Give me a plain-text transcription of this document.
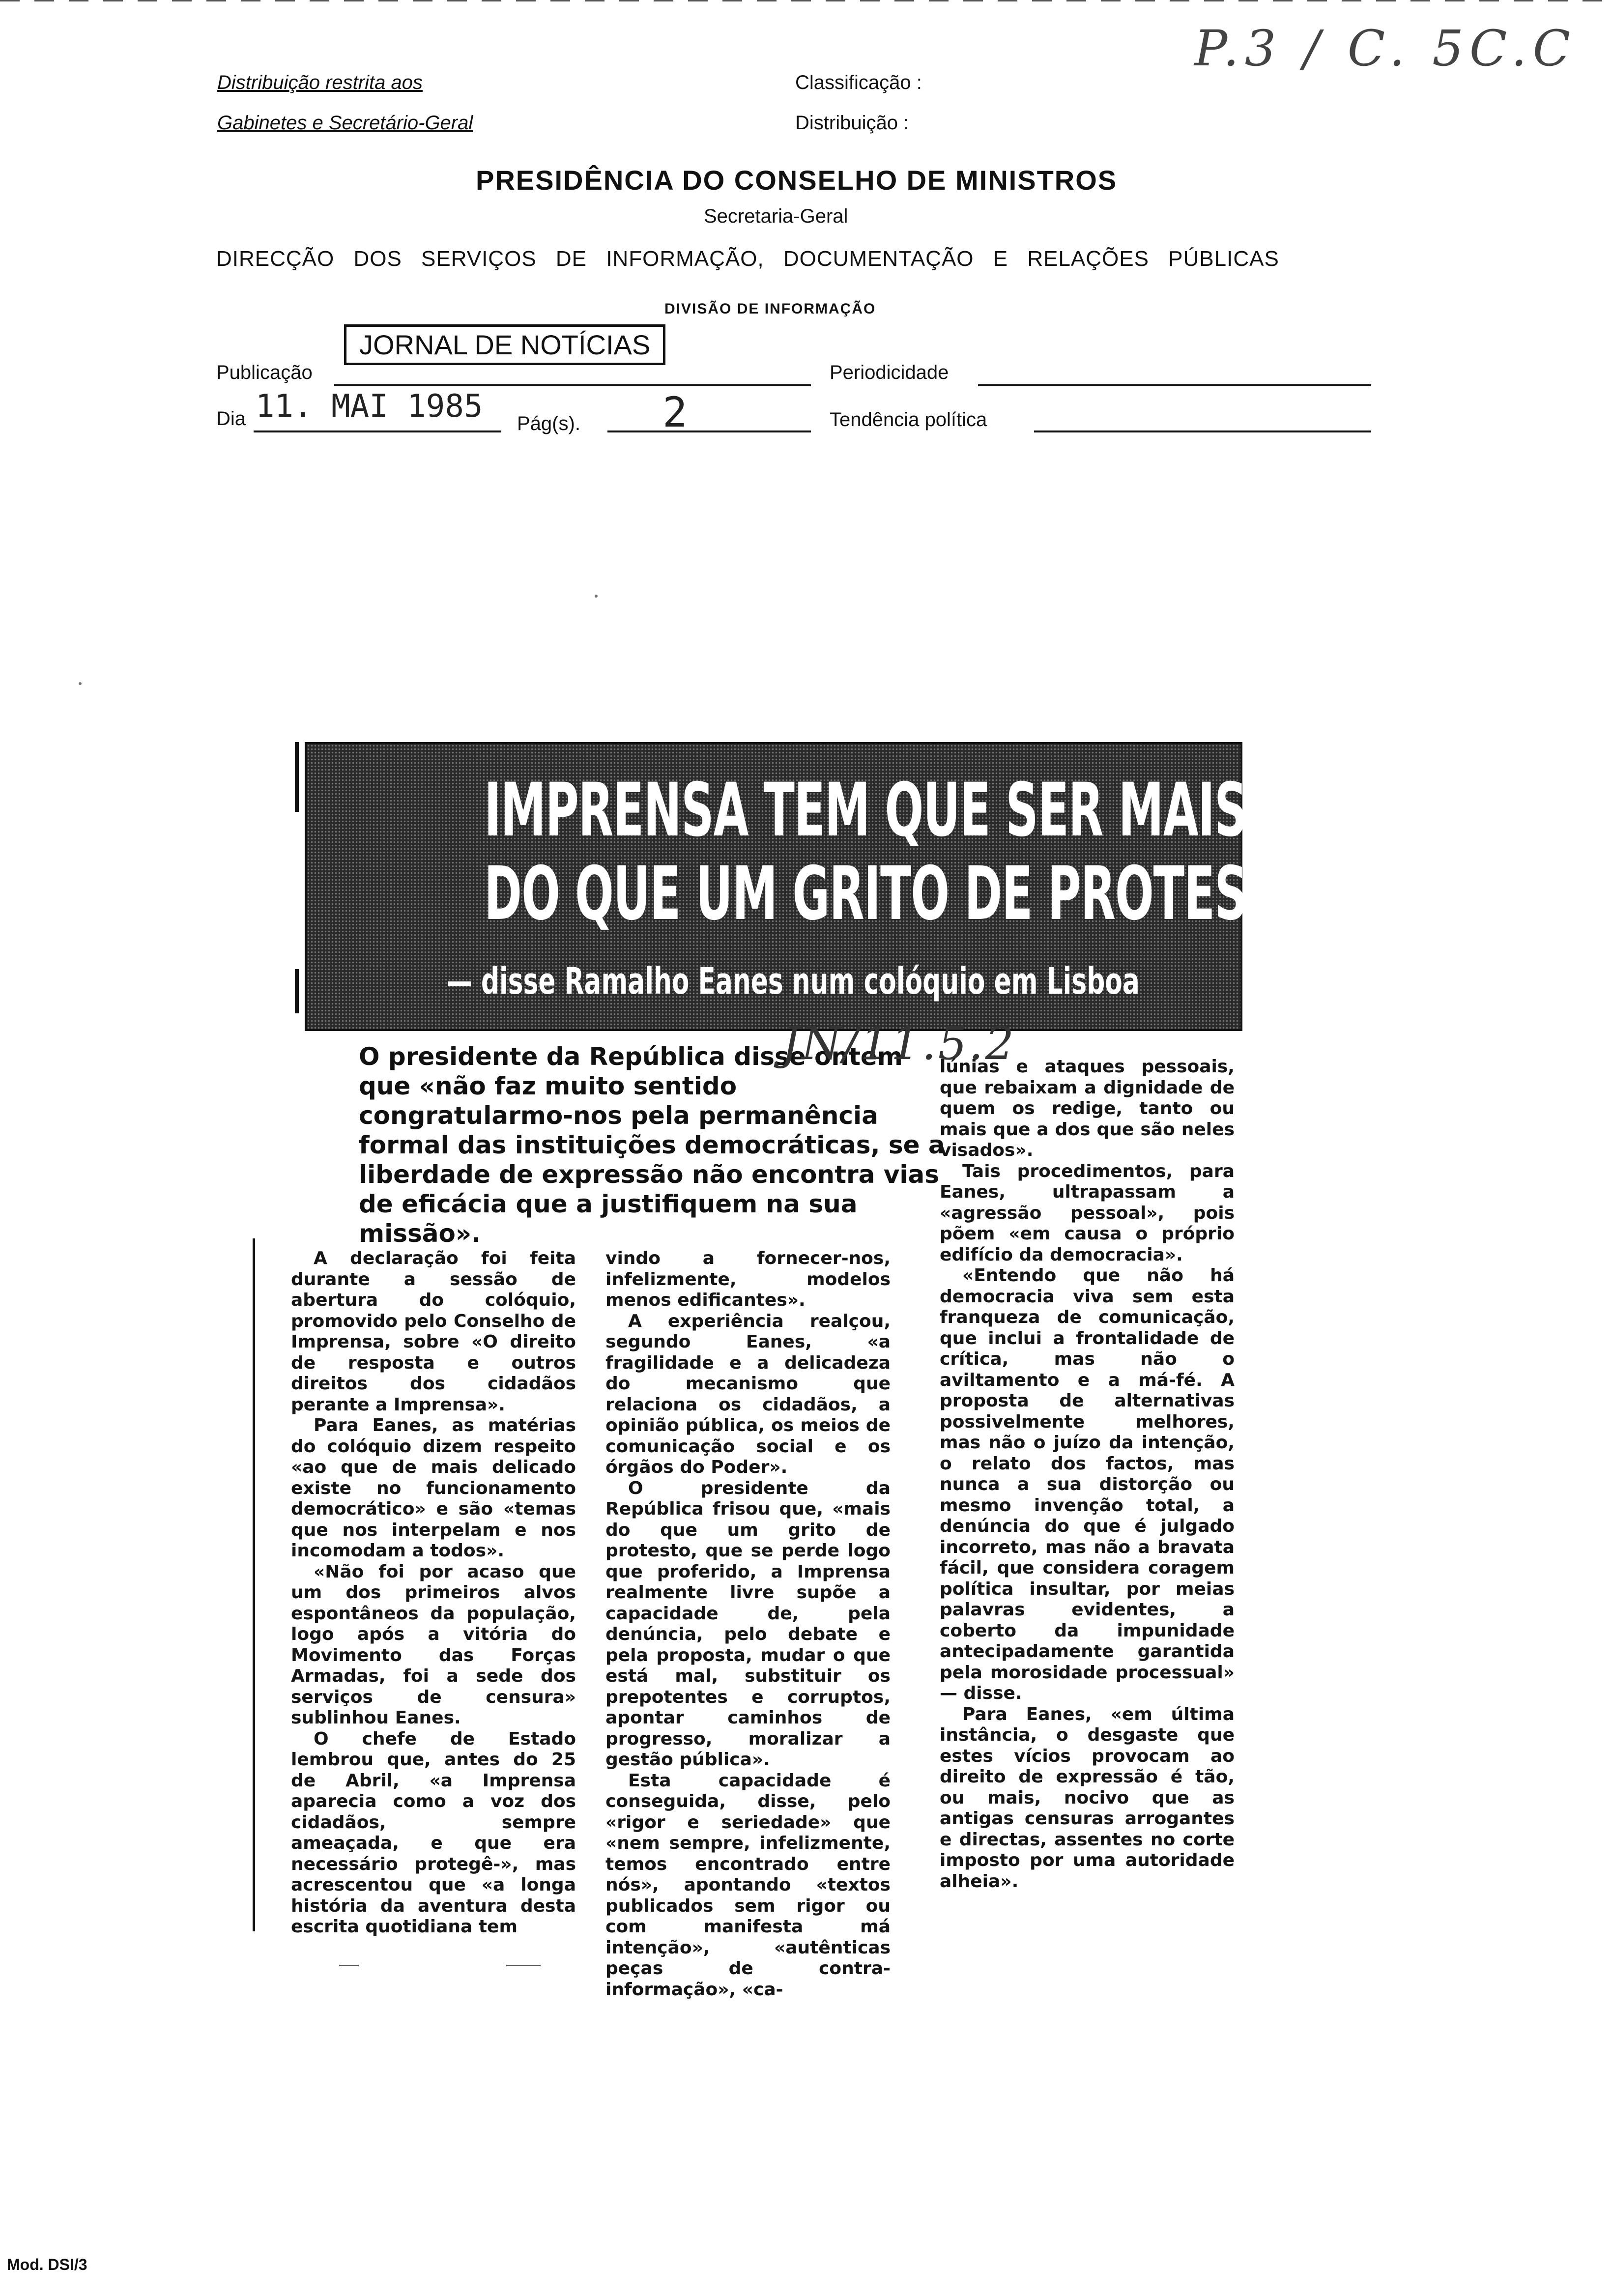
Distribuição restrita aos
Gabinetes e Secretário-Geral
Classificação :
Distribuição :
P.3 / C. 5C.C
PRESIDÊNCIA DO CONSELHO DE MINISTROS
Secretaria-Geral
DIRECÇÃO DOS SERVIÇOS DE INFORMAÇÃO, DOCUMENTAÇÃO E RELAÇÕES PÚBLICAS
DIVISÃO DE INFORMAÇÃO
JORNAL DE NOTÍCIAS
Publicação	Periodicidade
Dia 11. MAI 1985 Pág(s). 2	Tendência política
IMPRENSA TEM QUE SER MAIS
DO QUE UM GRITO DE PROTESTO
— disse Ramalho Eanes num colóquio em Lisboa
O presidente da República disse ontem que «não faz muito sentido congratularmo-nos pela permanência formal das instituições democráticas, se a liberdade de expressão não encontra vias de eficácia que a justifiquem na sua missão».
JN/11.5.2

A declaração foi feita durante a sessão de abertura do colóquio, promovido pelo Conselho de Imprensa, sobre «O direito de resposta e outros direitos dos cidadãos perante a Imprensa».

Para Eanes, as matérias do colóquio dizem respeito «ao que de mais delicado existe no funcionamento democrático» e são «temas que nos interpelam e nos incomodam a todos».

«Não foi por acaso que um dos primeiros alvos espontâneos da população, logo após a vitória do Movimento das Forças Armadas, foi a sede dos serviços de censura» sublinhou Eanes.

O chefe de Estado lembrou que, antes do 25 de Abril, «a Imprensa aparecia como a voz dos cidadãos, sempre ameaçada, e que era necessário protegê-», mas acrescentou que «a longa história da aventura desta escrita quotidiana tem

vindo a fornecer-nos, infelizmente, modelos menos edificantes».

A experiência realçou, segundo Eanes, «a fragilidade e a delicadeza do mecanismo que relaciona os cidadãos, a opinião pública, os meios de comunicação social e os órgãos do Poder».

O presidente da República frisou que, «mais do que um grito de protesto, que se perde logo que proferido, a Imprensa realmente livre supõe a capacidade de, pela denúncia, pelo debate e pela proposta, mudar o que está mal, substituir os prepotentes e corruptos, apontar caminhos de progresso, moralizar a gestão pública».

Esta capacidade é conseguida, disse, pelo «rigor e seriedade» que «nem sempre, infelizmente, temos encontrado entre nós», apontando «textos publicados sem rigor ou com manifesta má intenção», «autênticas peças de contra-informação», «ca-

lúnias e ataques pessoais, que rebaixam a dignidade de quem os redige, tanto ou mais que a dos que são neles visados».

Tais procedimentos, para Eanes, ultrapassam a «agressão pessoal», pois põem «em causa o próprio edifício da democracia».

«Entendo que não há democracia viva sem esta franqueza de comunicação, que inclui a frontalidade de crítica, mas não o aviltamento e a má-fé. A proposta de alternativas possivelmente melhores, mas não o juízo da intenção, o relato dos factos, mas nunca a sua distorção ou mesmo invenção total, a denúncia do que é julgado incorreto, mas não a bravata fácil, que considera coragem política insultar, por meias palavras evidentes, a coberto da impunidade antecipadamente garantida pela morosidade processual» — disse.

Para Eanes, «em última instância, o desgaste que estes vícios provocam ao direito de expressão é tão, ou mais, nocivo que as antigas censuras arrogantes e directas, assentes no corte imposto por uma autoridade alheia».

Mod. DSI/3
